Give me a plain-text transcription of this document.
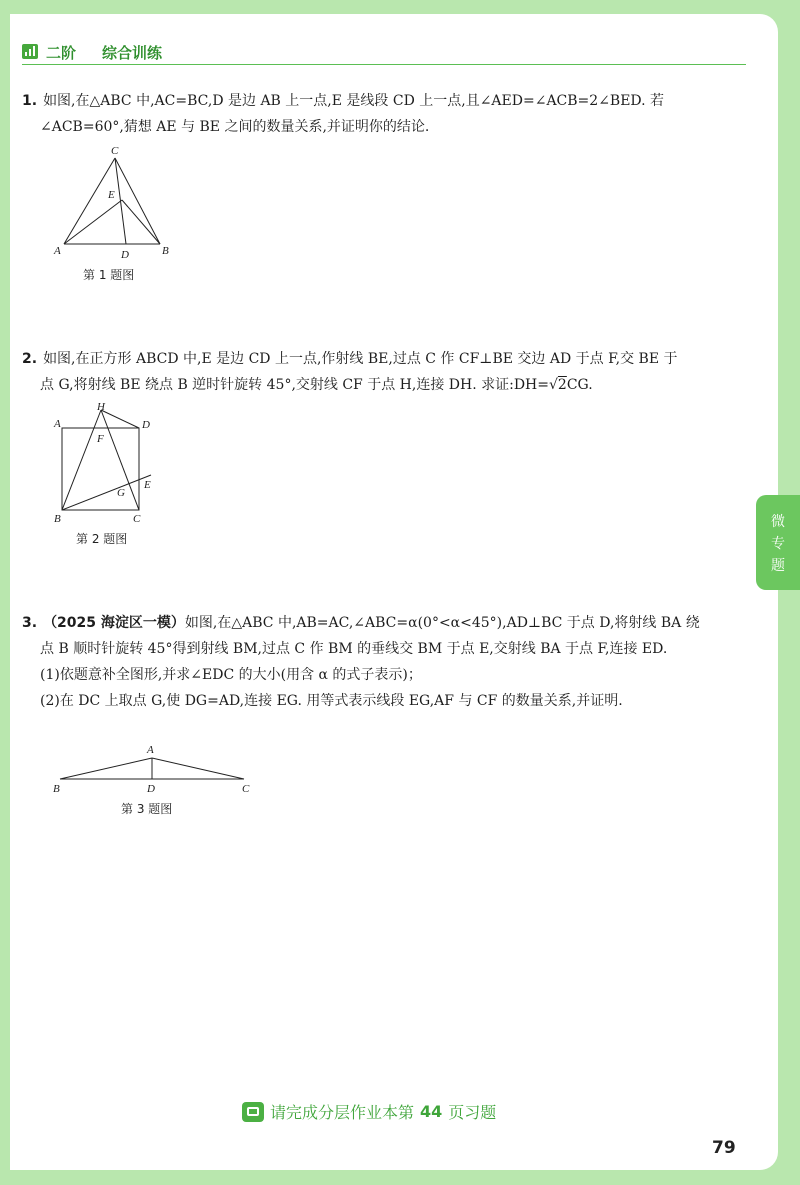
二阶 综合训练
1. 如图,在△ABC 中,AC=BC,D 是边 AB 上一点,E 是线段 CD 上一点,且∠AED=∠ACB=2∠BED. 若
∠ACB=60°,猜想 AE 与 BE 之间的数量关系,并证明你的结论.
C
E
A	D	B
第 1 题图
2. 如图,在正方形 ABCD 中,E 是边 CD 上一点,作射线 BE,过点 C 作 CF⊥BE 交边 AD 于点 F,交 BE 于
点 G,将射线 BE 绕点 B 逆时针旋转 45°,交射线 CF 于点 H,连接 DH. 求证:DH=√2CG.
H
A	D
F
E
G
B	C
第 2 题图
3. （2025 海淀区一模）如图,在△ABC 中,AB=AC,∠ABC=α(0°<α<45°),AD⊥BC 于点 D,将射线 BA 绕
点 B 顺时针旋转 45°得到射线 BM,过点 C 作 BM 的垂线交 BM 于点 E,交射线 BA 于点 F,连接 ED.
(1)依题意补全图形,并求∠EDC 的大小(用含 α 的式子表示)；
(2)在 DC 上取点 G,使 DG=AD,连接 EG. 用等式表示线段 EG,AF 与 CF 的数量关系,并证明.
A
B	D	C
第 3 题图
微
专
题
请完成分层作业本第 44 页习题
79
